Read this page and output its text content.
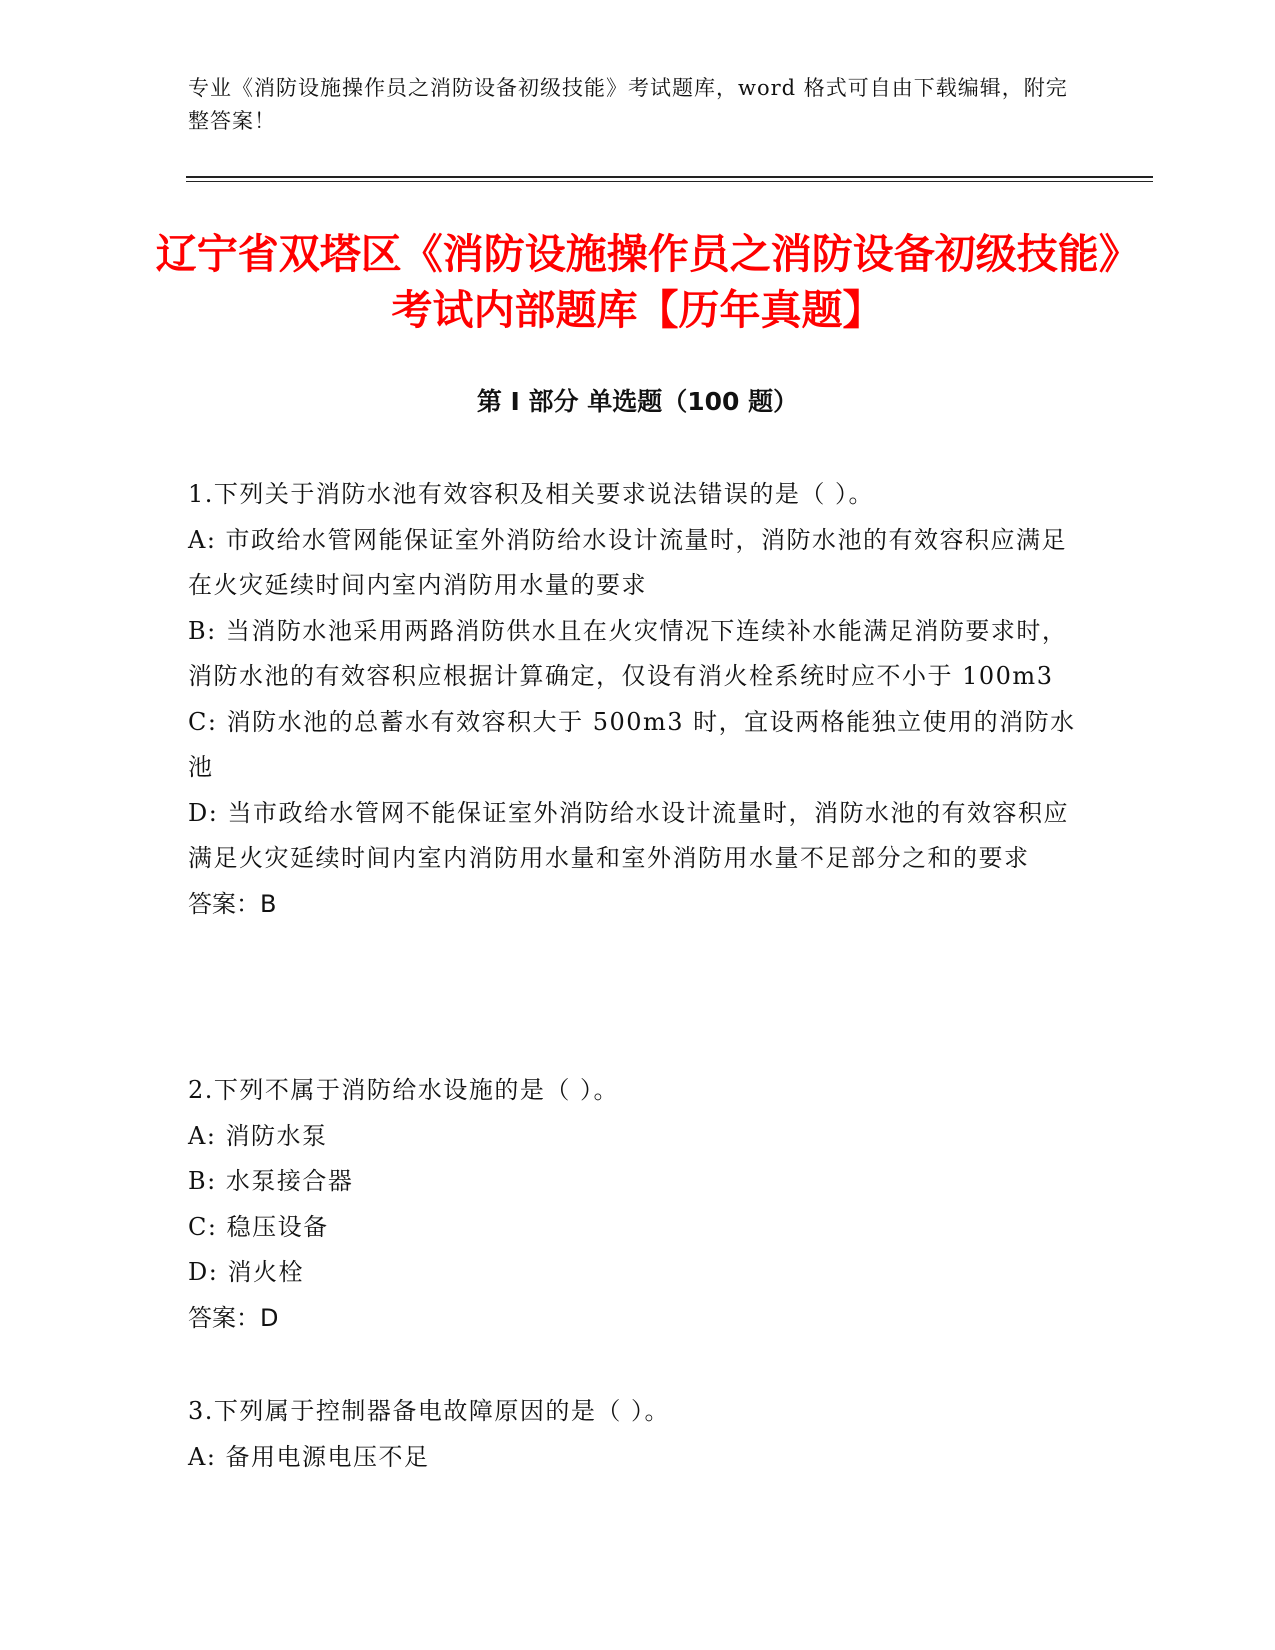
专业《消防设施操作员之消防设备初级技能》考试题库，word 格式可自由下载编辑，附完整答案！
辽宁省双塔区《消防设施操作员之消防设备初级技能》考试内部题库【历年真题】
第 I 部分 单选题（100 题）

1.下列关于消防水池有效容积及相关要求说法错误的是（ ）。

A: 市政给水管网能保证室外消防给水设计流量时，消防水池的有效容积应满足在火灾延续时间内室内消防用水量的要求

B: 当消防水池采用两路消防供水且在火灾情况下连续补水能满足消防要求时，消防水池的有效容积应根据计算确定，仅设有消火栓系统时应不小于 100m3

C: 消防水池的总蓄水有效容积大于 500m3 时，宜设两格能独立使用的消防水池

D: 当市政给水管网不能保证室外消防给水设计流量时，消防水池的有效容积应满足火灾延续时间内室内消防用水量和室外消防用水量不足部分之和的要求

答案：B

2.下列不属于消防给水设施的是（ ）。

A: 消防水泵

B: 水泵接合器

C: 稳压设备

D: 消火栓

答案：D

3.下列属于控制器备电故障原因的是（ ）。

A: 备用电源电压不足
